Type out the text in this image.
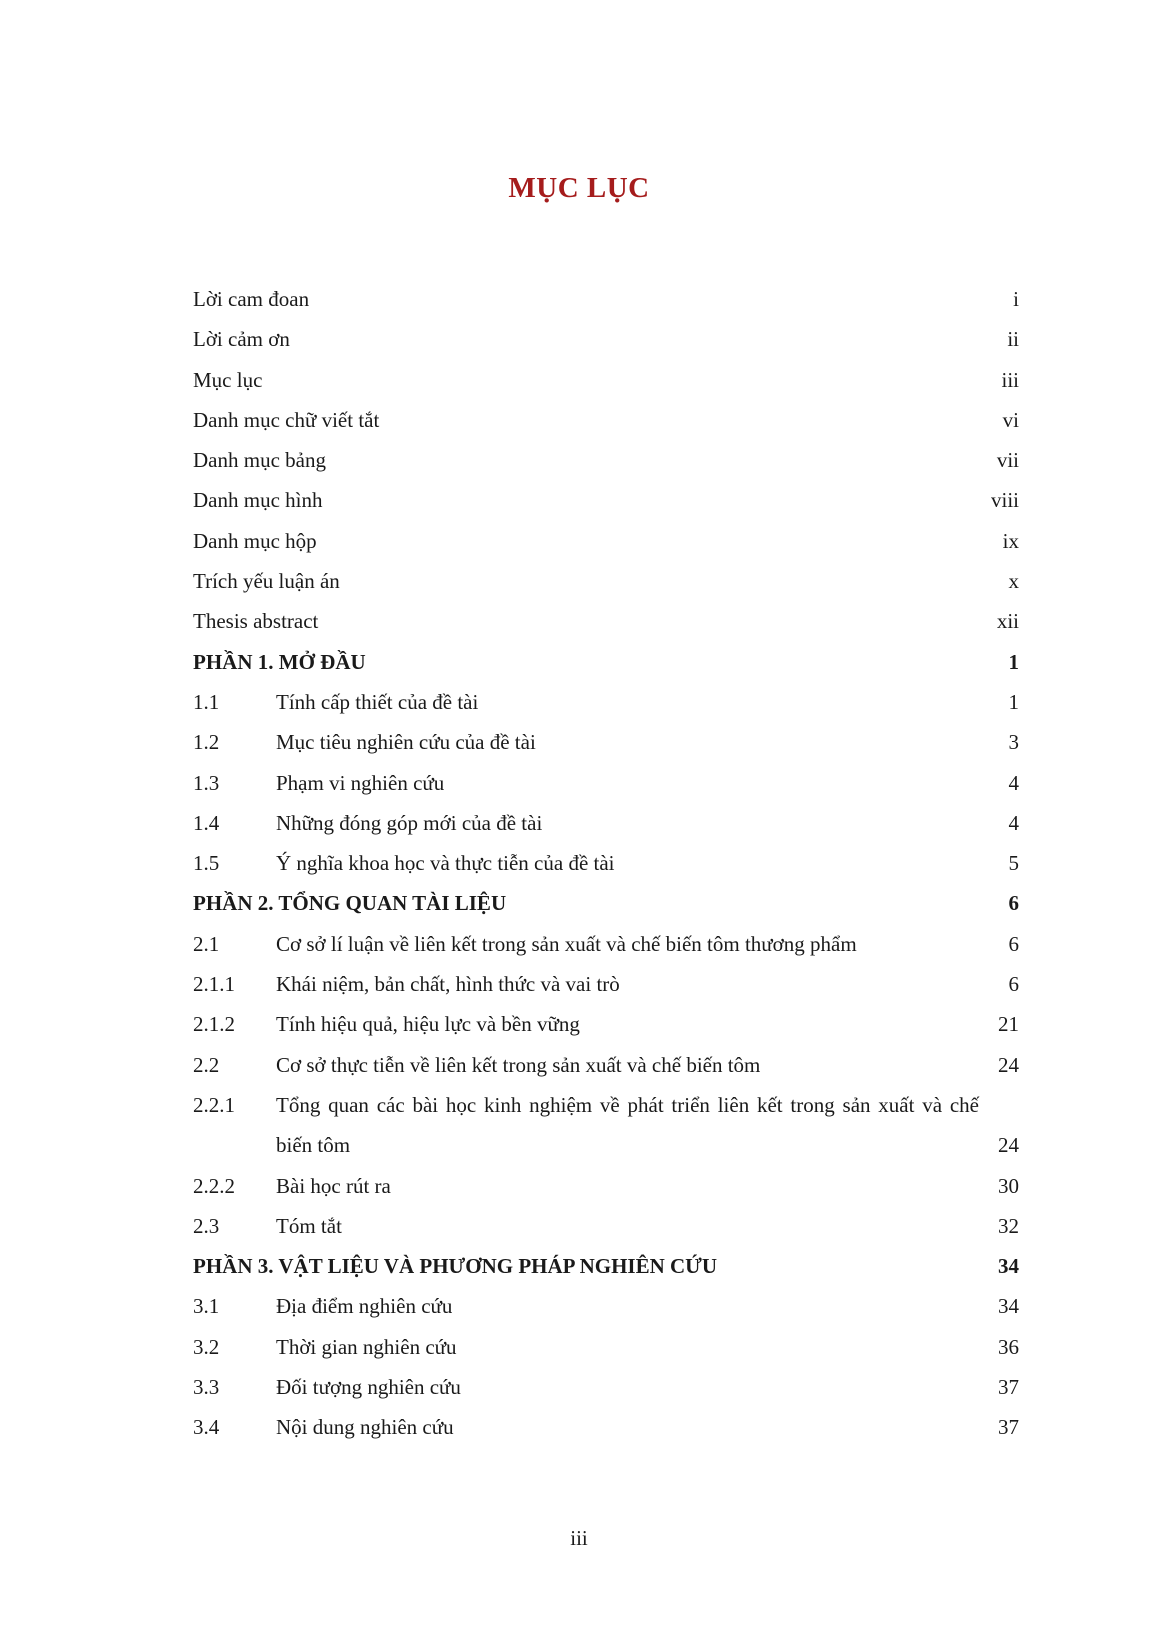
MỤC LỤC
Lời cam đoan	i
Lời cảm ơn	ii
Mục lục	iii
Danh mục chữ viết tắt	vi
Danh mục bảng	vii
Danh mục hình	viii
Danh mục hộp	ix
Trích yếu luận án	x
Thesis abstract	xii
PHẦN 1. MỞ ĐẦU	1
1.1	Tính cấp thiết của đề tài	1
1.2	Mục tiêu nghiên cứu của đề tài	3
1.3	Phạm vi nghiên cứu	4
1.4	Những đóng góp mới của đề tài	4
1.5	Ý nghĩa khoa học và thực tiễn của đề tài	5
PHẦN 2. TỔNG QUAN TÀI LIỆU	6
2.1	Cơ sở lí luận về liên kết trong sản xuất và chế biến tôm thương phẩm	6
2.1.1 Khái niệm, bản chất, hình thức và vai trò	6
2.1.2 Tính hiệu quả, hiệu lực và bền vững	21
2.2	Cơ sở thực tiễn về liên kết trong sản xuất và chế biến tôm	24
2.2.1 Tổng quan các bài học kinh nghiệm về phát triển liên kết trong sản xuất và chế biến tôm	24
2.2.2 Bài học rút ra	30
2.3	Tóm tắt	32
PHẦN 3. VẬT LIỆU VÀ PHƯƠNG PHÁP NGHIÊN CỨU	34
3.1	Địa điểm nghiên cứu	34
3.2	Thời gian nghiên cứu	36
3.3	Đối tượng nghiên cứu	37
3.4	Nội dung nghiên cứu	37
iii
